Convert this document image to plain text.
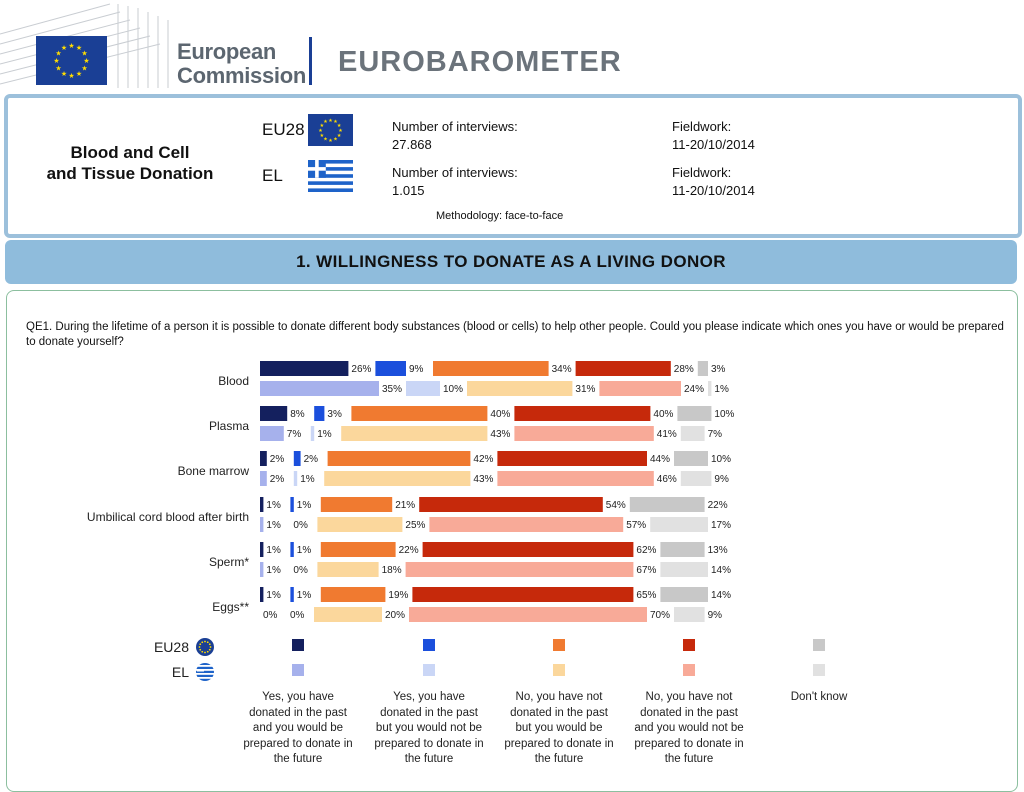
★
★
★
★
★
★
★
★
★ ★ ★
★	European
Commission EUROBAROMETER
Blood and Cell
and Tissue Donation
EU28	★
★
★
★
★
★
★
★
★ ★ ★
★	Number of interviews:
27.868
Fieldwork:
11-20/10/2014
EL	Number of interviews:
1.015
Fieldwork:
11-20/10/2014
Methodology: face-to-face
1. WILLINGNESS TO DONATE AS A LIVING DONOR
QE1. During the lifetime of a person it is possible to donate different body substances (blood or cells) to help other people. Could you please indicate which ones you have or would be prepared to donate yourself?
Blood
26%	9%	34%	28% 3%
35%	10%	31%	24% 1%
Plasma
8% 3%	40%	40%	10%
7% 1%	43%	41%	7%
Bone marrow
2% 2%	42%	44%	10%
2% 1%	43%	46%	9%
Umbilical cord blood after birth
1% 1%	21%	54%	22%
1% 0%	25%	57%	17%
Sperm*
1% 1%	22%	62%	13%
1% 0%	18%	67%	14%
Eggs**
1% 1%	19%	65%	14%
0% 0%	20%	70%	9%
EU28
EL
Yes, you have
donated in the past
and you would be
prepared to donate in
the future
Yes, you have
donated in the past
but you would not be
prepared to donate in
the future
No, you have not
donated in the past
but you would be
prepared to donate in
the future
No, you have not
donated in the past
and you would not be
prepared to donate in
the future
Don't know
